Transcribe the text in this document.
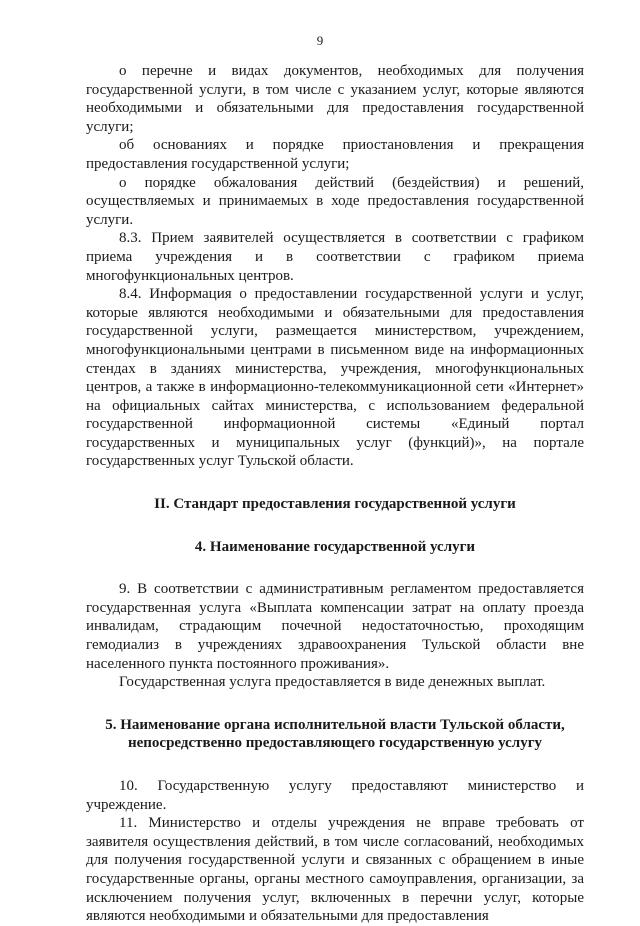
9

о перечне и видах документов, необходимых для получения государственной услуги, в том числе с указанием услуг, которые являются необходимыми и обязательными для предоставления государственной услуги;

об основаниях и порядке приостановления и прекращения предоставления государственной услуги;

о порядке обжалования действий (бездействия) и решений, осуществляемых и принимаемых в ходе предоставления государственной услуги.

8.3. Прием заявителей осуществляется в соответствии с графиком приема учреждения и в соответствии с графиком приема многофункциональных центров.

8.4. Информация о предоставлении государственной услуги и услуг, которые являются необходимыми и обязательными для предоставления государственной услуги, размещается министерством, учреждением, многофункциональными центрами в письменном виде на информационных стендах в зданиях министерства, учреждения, многофункциональных центров, а также в информационно-телекоммуникационной сети «Интернет» на официальных сайтах министерства, с использованием федеральной государственной информационной системы «Единый портал государственных и муниципальных услуг (функций)», на портале государственных услуг Тульской области.

II. Стандарт предоставления государственной услуги

4. Наименование государственной услуги

9. В соответствии с административным регламентом предоставляется государственная услуга «Выплата компенсации затрат на оплату проезда инвалидам, страдающим почечной недостаточностью, проходящим гемодиализ в учреждениях здравоохранения Тульской области вне населенного пункта постоянного проживания».

Государственная услуга предоставляется в виде денежных выплат.

5. Наименование органа исполнительной власти Тульской области,

непосредственно предоставляющего государственную услугу

10. Государственную услугу предоставляют министерство и учреждение.

11. Министерство и отделы учреждения не вправе требовать от заявителя осуществления действий, в том числе согласований, необходимых для получения государственной услуги и связанных с обращением в иные государственные органы, органы местного самоуправления, организации, за исключением получения услуг, включенных в перечни услуг, которые являются необходимыми и обязательными для предоставления
